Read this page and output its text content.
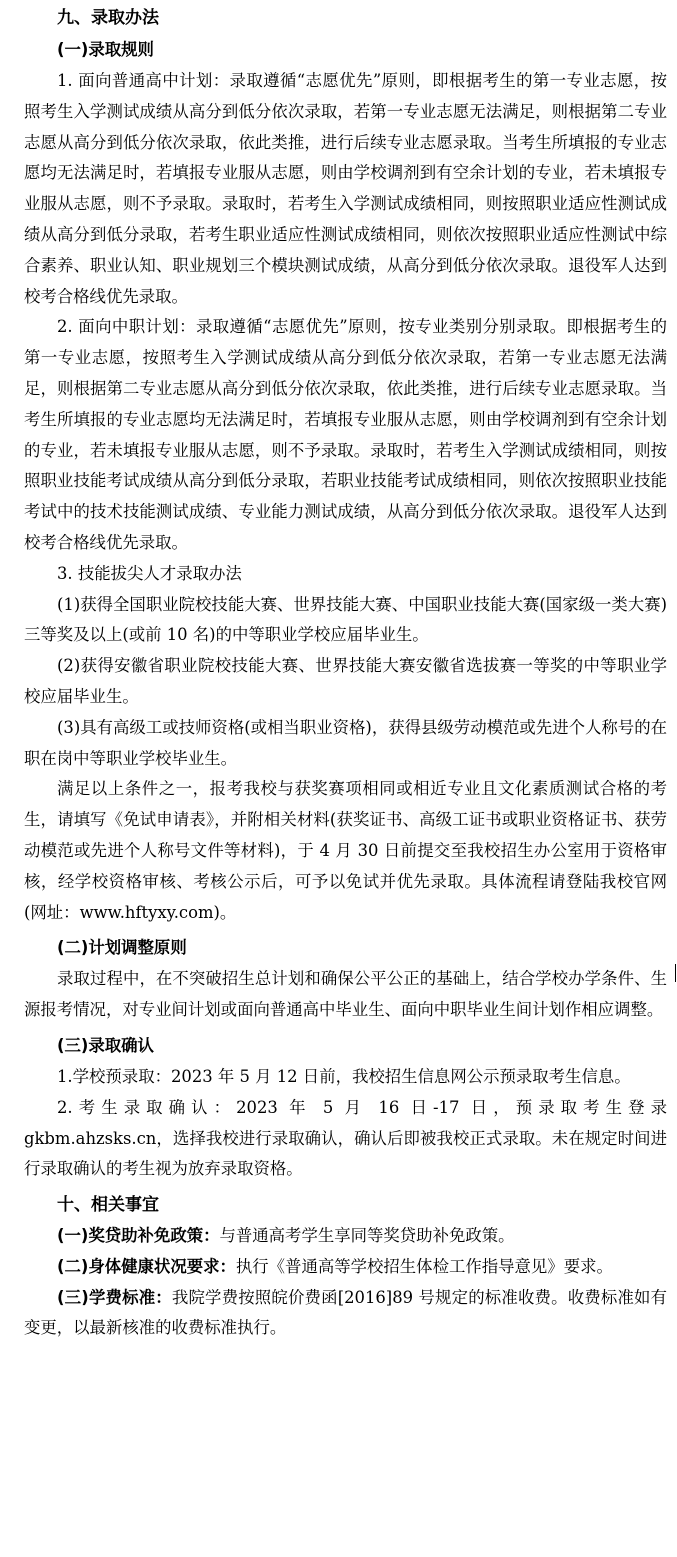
九、录取办法

(一)录取规则

1. 面向普通高中计划：录取遵循“志愿优先”原则，即根据考生的第一专业志愿，按照考生入学测试成绩从高分到低分依次录取，若第一专业志愿无法满足，则根据第二专业志愿从高分到低分依次录取，依此类推，进行后续专业志愿录取。当考生所填报的专业志愿均无法满足时，若填报专业服从志愿，则由学校调剂到有空余计划的专业，若未填报专业服从志愿，则不予录取。录取时，若考生入学测试成绩相同，则按照职业适应性测试成绩从高分到低分录取，若考生职业适应性测试成绩相同，则依次按照职业适应性测试中综合素养、职业认知、职业规划三个模块测试成绩，从高分到低分依次录取。退役军人达到校考合格线优先录取。

2. 面向中职计划：录取遵循“志愿优先”原则，按专业类别分别录取。即根据考生的第一专业志愿，按照考生入学测试成绩从高分到低分依次录取，若第一专业志愿无法满足，则根据第二专业志愿从高分到低分依次录取，依此类推，进行后续专业志愿录取。当考生所填报的专业志愿均无法满足时，若填报专业服从志愿，则由学校调剂到有空余计划的专业，若未填报专业服从志愿，则不予录取。录取时，若考生入学测试成绩相同，则按照职业技能考试成绩从高分到低分录取，若职业技能考试成绩相同，则依次按照职业技能考试中的技术技能测试成绩、专业能力测试成绩，从高分到低分依次录取。退役军人达到校考合格线优先录取。

3. 技能拔尖人才录取办法

(1)获得全国职业院校技能大赛、世界技能大赛、中国职业技能大赛(国家级一类大赛)三等奖及以上(或前 10 名)的中等职业学校应届毕业生。

(2)获得安徽省职业院校技能大赛、世界技能大赛安徽省选拔赛一等奖的中等职业学校应届毕业生。

(3)具有高级工或技师资格(或相当职业资格)，获得县级劳动模范或先进个人称号的在职在岗中等职业学校毕业生。

满足以上条件之一，报考我校与获奖赛项相同或相近专业且文化素质测试合格的考生，请填写《免试申请表》，并附相关材料(获奖证书、高级工证书或职业资格证书、获劳动模范或先进个人称号文件等材料)，于 4 月 30 日前提交至我校招生办公室用于资格审核，经学校资格审核、考核公示后，可予以免试并优先录取。具体流程请登陆我校官网(网址：www.hftyxy.com)。

(二)计划调整原则

录取过程中，在不突破招生总计划和确保公平公正的基础上，结合学校办学条件、生源报考情况，对专业间计划或面向普通高中毕业生、面向中职毕业生间计划作相应调整。

(三)录取确认

1.学校预录取：2023 年 5 月 12 日前，我校招生信息网公示预录取考生信息。

2.考生录取确认：2023 年 5 月 16 日-17 日，预录取考生登录 gkbm.ahzsks.cn，选择我校进行录取确认，确认后即被我校正式录取。未在规定时间进行录取确认的考生视为放弃录取资格。

十、相关事宜

(一)奖贷助补免政策：与普通高考学生享同等奖贷助补免政策。

(二)身体健康状况要求：执行《普通高等学校招生体检工作指导意见》要求。

(三)学费标准：我院学费按照皖价费函[2016]89 号规定的标准收费。收费标准如有变更，以最新核准的收费标准执行。
